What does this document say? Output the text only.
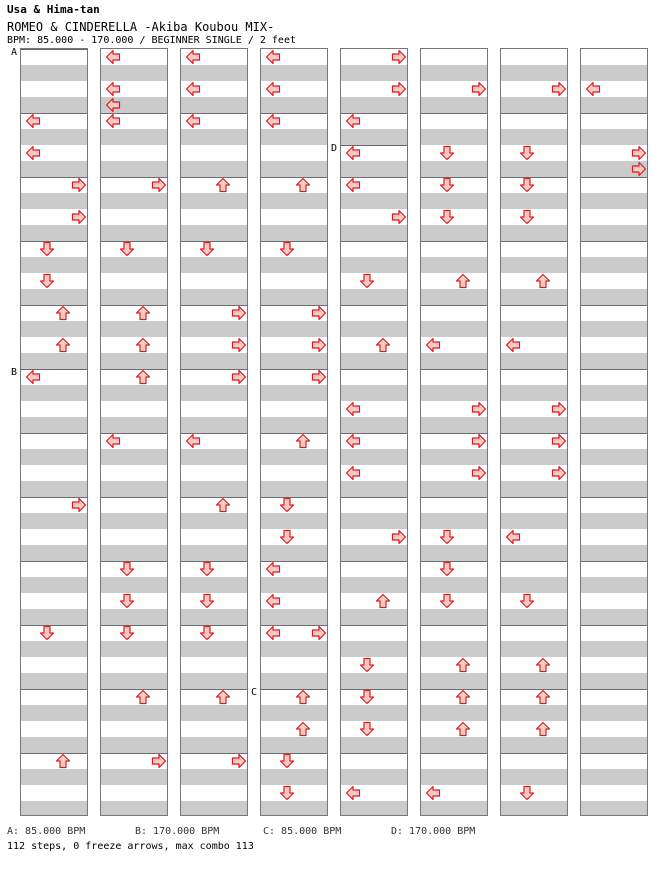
Usa & Hima-tan
ROMEO & CINDERELLA -Akiba Koubou MIX-
BPM: 85.000 - 170.000 / BEGINNER SINGLE / 2 feet
A: 85.000 BPM	B: 170.000 BPM	C: 85.000 BPM	D: 170.000 BPM
112 steps, 0 freeze arrows, max combo 113
A
B
D
C
